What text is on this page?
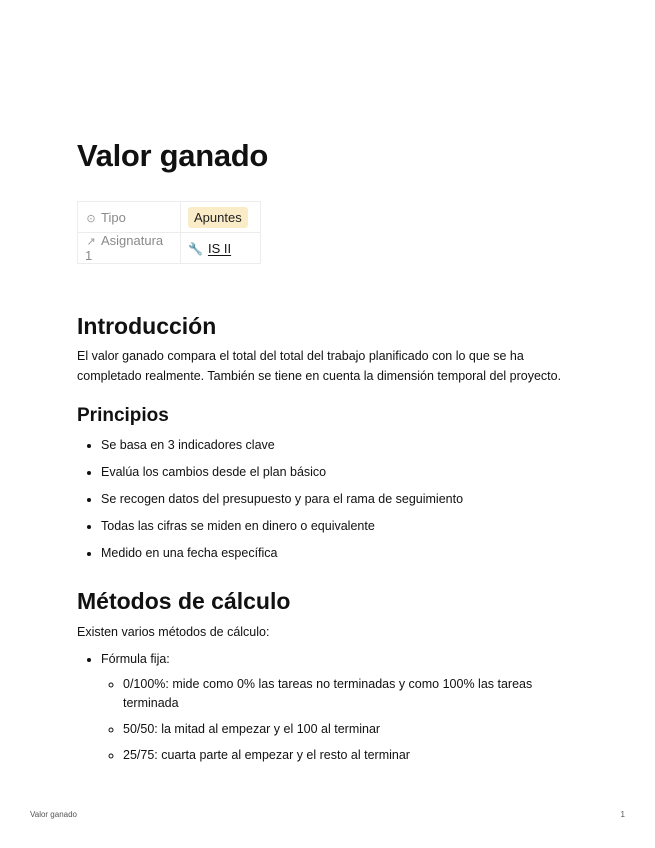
Valor ganado
⊙ Tipo	Apuntes
↗ Asignatura 1	🔧 IS II
Introducción

El valor ganado compara el total del total del trabajo planificado con lo que se ha completado realmente. También se tiene en cuenta la dimensión temporal del proyecto.

Principios
• Se basa en 3 indicadores clave
• Evalúa los cambios desde el plan básico
• Se recogen datos del presupuesto y para el rama de seguimiento
• Todas las cifras se miden en dinero o equivalente
• Medido en una fecha específica
Métodos de cálculo

Existen varios métodos de cálculo:

• Fórmula fija:
◦ 0/100%: mide como 0% las tareas no terminadas y como 100% las tareas terminada
◦ 50/50: la mitad al empezar y el 100 al terminar
◦ 25/75: cuarta parte al empezar y el resto al terminar
Valor ganado	1
